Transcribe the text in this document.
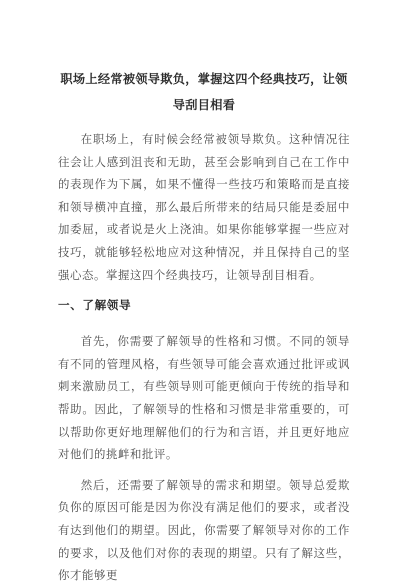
职场上经常被领导欺负，掌握这四个经典技巧，让领导刮目相看

在职场上，有时候会经常被领导欺负。这种情况往往会让人感到沮丧和无助，甚至会影响到自己在工作中的表现作为下属，如果不懂得一些技巧和策略而是直接和领导横冲直撞，那么最后所带来的结局只能是委屈中加委屈，或者说是火上浇油。如果你能够掌握一些应对技巧，就能够轻松地应对这种情况，并且保持自己的坚强心态。掌握这四个经典技巧，让领导刮目相看。

一、了解领导

首先，你需要了解领导的性格和习惯。不同的领导有不同的管理风格，有些领导可能会喜欢通过批评或讽刺来激励员工，有些领导则可能更倾向于传统的指导和帮助。因此，了解领导的性格和习惯是非常重要的，可以帮助你更好地理解他们的行为和言语，并且更好地应对他们的挑衅和批评。

然后，还需要了解领导的需求和期望。领导总爱欺负你的原因可能是因为你没有满足他们的要求，或者没有达到他们的期望。因此，你需要了解领导对你的工作的要求，以及他们对你的表现的期望。只有了解这些，你才能够更
